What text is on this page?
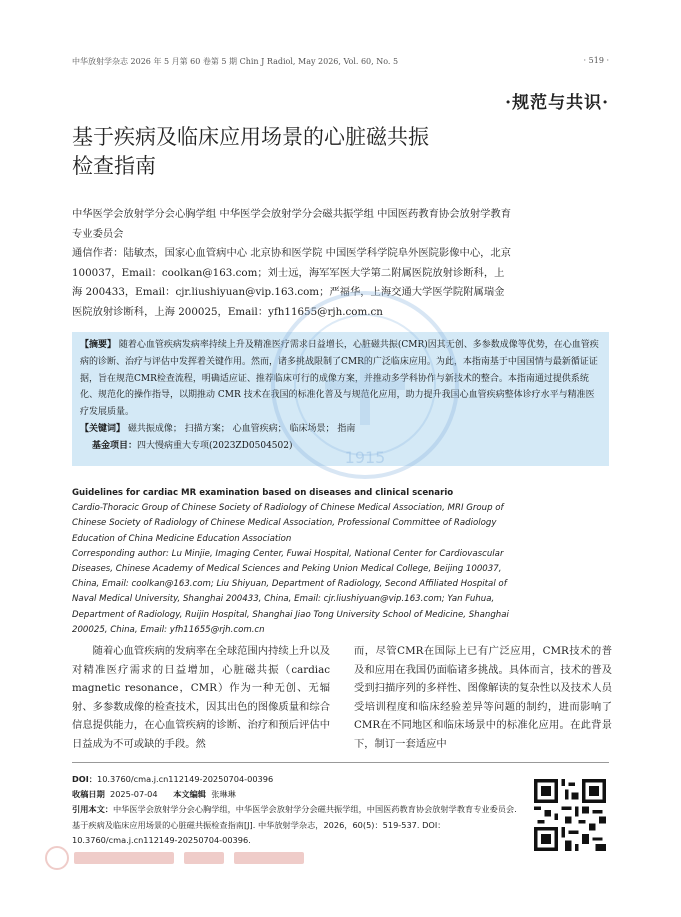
中华放射学杂志 2026 年 5 月第 60 卷第 5 期 Chin J Radiol, May 2026, Vol. 60, No. 5	· 519 ·
·规范与共识·
基于疾病及临床应用场景的心脏磁共振
检查指南

中华医学会放射学分会心胸学组 中华医学会放射学分会磁共振学组 中国医药教育协会放射学教育专业委员会

通信作者：陆敏杰，国家心血管病中心 北京协和医学院 中国医学科学院阜外医院影像中心，北京 100037，Email：coolkan@163.com；刘士远，海军军医大学第二附属医院放射诊断科，上海 200433，Email：cjr.liushiyuan@vip.163.com；严福华，上海交通大学医学院附属瑞金医院放射诊断科，上海 200025，Email：yfh11655@rjh.com.cn

【摘要】 随着心血管疾病发病率持续上升及精准医疗需求日益增长，心脏磁共振(CMR)因其无创、多参数成像等优势，在心血管疾病的诊断、治疗与评估中发挥着关键作用。然而，诸多挑战限制了CMR的广泛临床应用。为此，本指南基于中国国情与最新循证证据，旨在规范CMR检查流程，明确适应证、推荐临床可行的成像方案，并推动多学科协作与新技术的整合。本指南通过提供系统化、规范化的操作指导，以期推动 CMR 技术在我国的标准化普及与规范化应用，助力提升我国心血管疾病整体诊疗水平与精准医疗发展质量。

【关键词】 磁共振成像； 扫描方案； 心血管疾病； 临床场景； 指南

基金项目：四大慢病重大专项(2023ZD0504502)

1915

Guidelines for cardiac MR examination based on diseases and clinical scenario

Cardio-Thoracic Group of Chinese Society of Radiology of Chinese Medical Association, MRI Group of Chinese Society of Radiology of Chinese Medical Association, Professional Committee of Radiology Education of China Medicine Education Association

Corresponding author: Lu Minjie, Imaging Center, Fuwai Hospital, National Center for Cardiovascular Diseases, Chinese Academy of Medical Sciences and Peking Union Medical College, Beijing 100037, China, Email: coolkan@163.com; Liu Shiyuan, Department of Radiology, Second Affiliated Hospital of Naval Medical University, Shanghai 200433, China, Email: cjr.liushiyuan@vip.163.com; Yan Fuhua, Department of Radiology, Ruijin Hospital, Shanghai Jiao Tong University School of Medicine, Shanghai 200025, China, Email: yfh11655@rjh.com.cn

　　随着心血管疾病的发病率在全球范围内持续上升以及对精准医疗需求的日益增加，心脏磁共振（cardiac magnetic resonance，CMR）作为一种无创、无辐射、多参数成像的检查技术，因其出色的图像质量和综合信息提供能力，在心血管疾病的诊断、治疗和预后评估中日益成为不可或缺的手段。然

而，尽管CMR在国际上已有广泛应用，CMR技术的普及和应用在我国仍面临诸多挑战。具体而言，技术的普及受到扫描序列的多样性、图像解读的复杂性以及技术人员受培训程度和临床经验差异等问题的制约，进而影响了CMR在不同地区和临床场景中的标准化应用。在此背景下，制订一套适应中

DOI：10.3760/cma.j.cn112149-20250704-00396

收稿日期 2025-07-04 本文编辑 张琳琳

引用本文：中华医学会放射学分会心胸学组，中华医学会放射学分会磁共振学组，中国医药教育协会放射学教育专业委员会. 基于疾病及临床应用场景的心脏磁共振检查指南[J]. 中华放射学杂志，2026，60(5)：519-537. DOI：10.3760/cma.j.cn112149-20250704-00396.
